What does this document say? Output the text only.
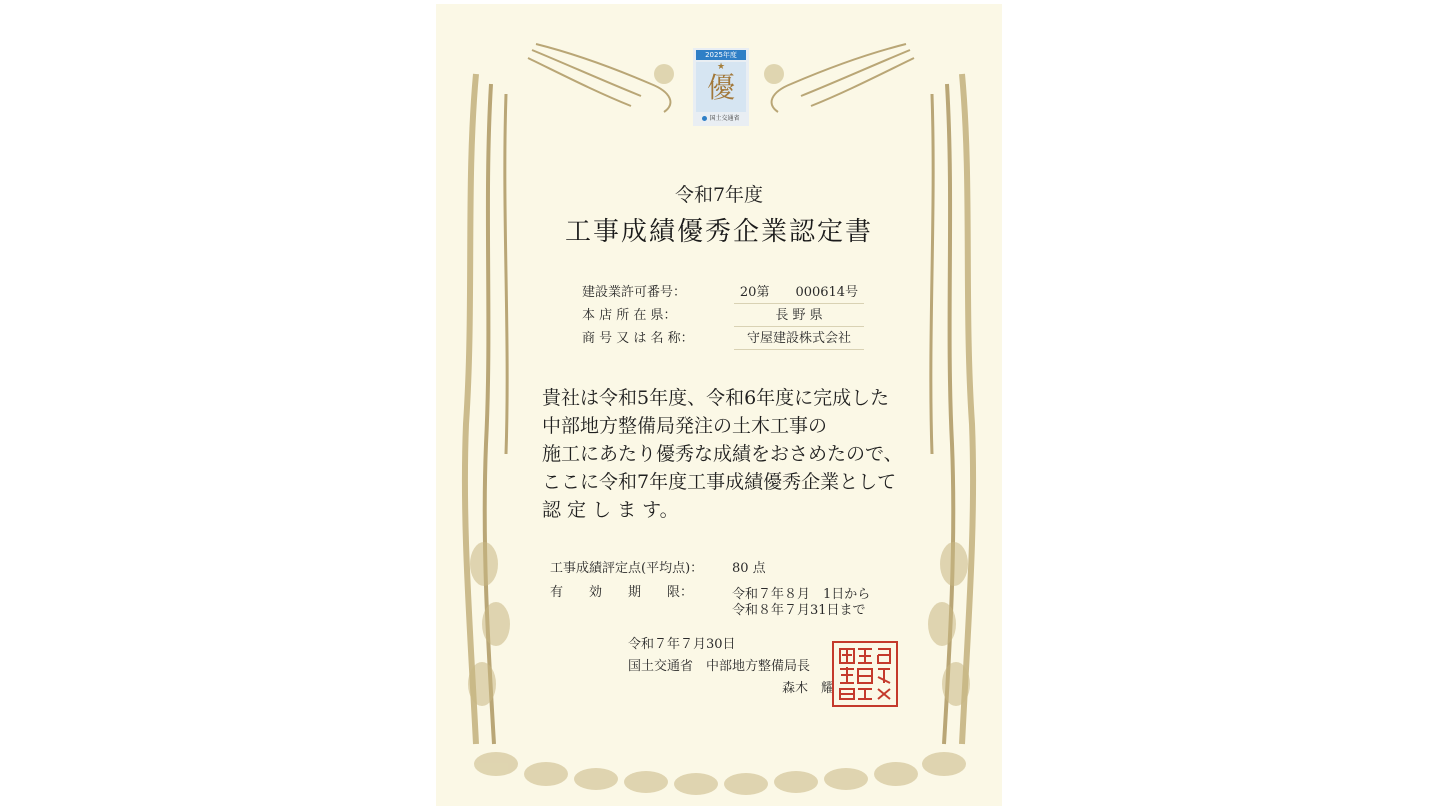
2025年度
★
優
国土交通省
令和7年度
工事成績優秀企業認定書
建設業許可番号：	20第　　000614号
本 店 所 在 県：	長 野 県
商 号 又 は 名 称：	守屋建設株式会社
貴社は令和5年度、令和6年度に完成した
中部地方整備局発注の土木工事の
施工にあたり優秀な成績をおさめたので、
ここに令和7年度工事成績優秀企業として
認 定 し ま す。
工事成績評定点(平均点)： 80 点
有　　効　　期　　限：	令和７年８月　1日から
令和８年７月31日まで
令和７年７月30日
国土交通省　中部地方整備局長
森木　耀
